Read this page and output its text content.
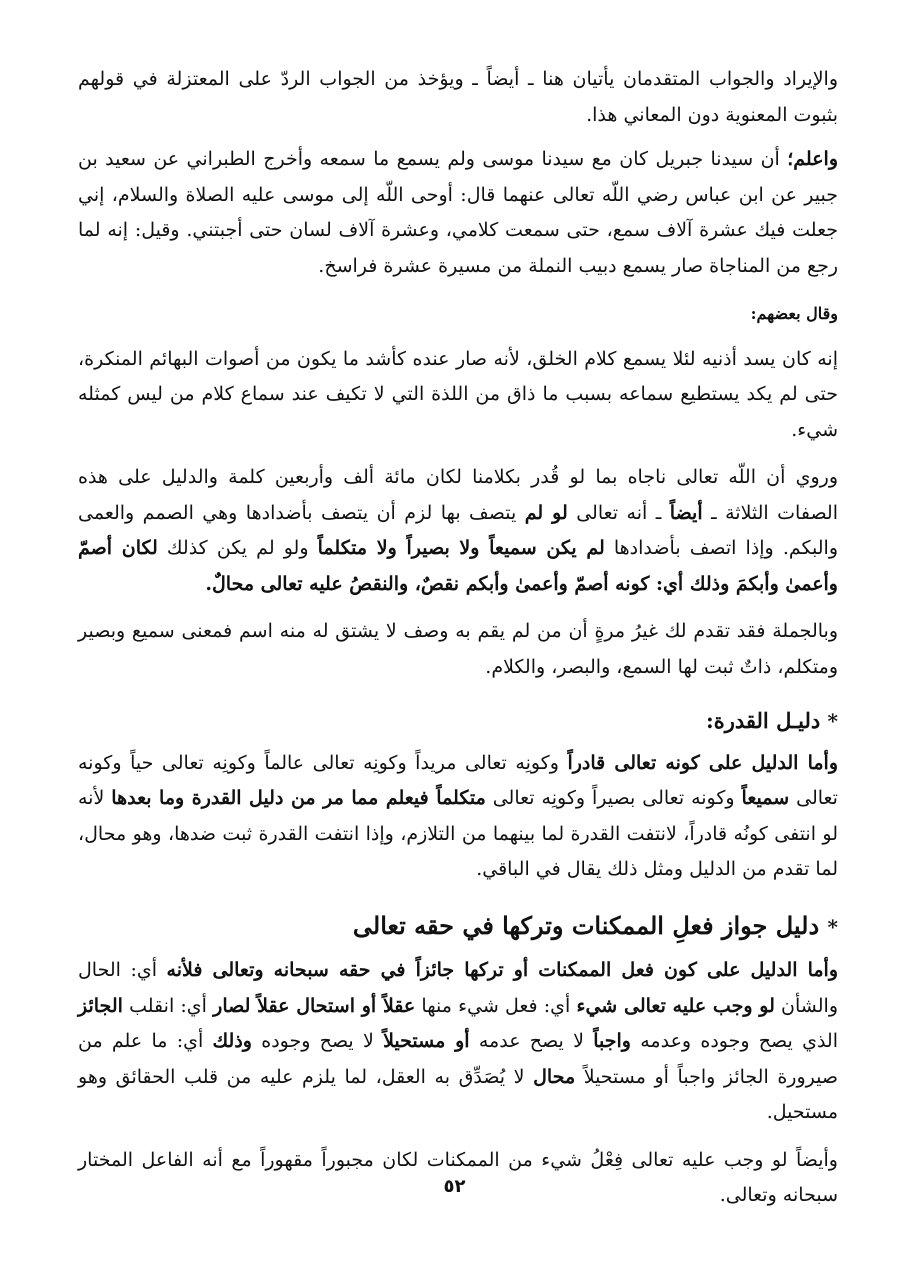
والإيراد والجواب المتقدمان يأتيان هنا ـ أيضاً ـ ويؤخذ من الجواب الردّ على المعتزلة في قولهم بثبوت المعنوية دون المعاني هذا.

واعلم؛ أن سيدنا جبريل كان مع سيدنا موسى ولم يسمع ما سمعه وأخرج الطبراني عن سعيد بن جبير عن ابن عباس رضي اللّه تعالى عنهما قال: أوحى اللّه إلى موسى عليه الصلاة والسلام، إني جعلت فيك عشرة آلاف سمع، حتى سمعت كلامي، وعشرة آلاف لسان حتى أجبتني. وقيل: إنه لما رجع من المناجاة صار يسمع دبيب النملة من مسيرة عشرة فراسخ.

وقال بعضهم:

إنه كان يسد أذنيه لئلا يسمع كلام الخلق، لأنه صار عنده كأشد ما يكون من أصوات البهائم المنكرة، حتى لم يكد يستطيع سماعه بسبب ما ذاق من اللذة التي لا تكيف عند سماع كلام من ليس كمثله شيء.

وروي أن اللّه تعالى ناجاه بما لو قُدر بكلامنا لكان مائة ألف وأربعين كلمة والدليل على هذه الصفات الثلاثة ـ أيضاً ـ أنه تعالى لو لم يتصف بها لزم أن يتصف بأضدادها وهي الصمم والعمى والبكم. وإذا اتصف بأضدادها لم يكن سميعاً ولا بصيراً ولا متكلماً ولو لم يكن كذلك لكان أصمّ وأعمىٰ وأبكمَ وذلك أي: كونه أصمّ وأعمىٰ وأبكم نقصٌ، والنقصُ عليه تعالى محالٌ.

وبالجملة فقد تقدم لك غيرُ مرةٍ أن من لم يقم به وصف لا يشتق له منه اسم فمعنى سميع وبصير ومتكلم، ذاتٌ ثبت لها السمع، والبصر، والكلام.

* دليـل القدرة:

وأما الدليل على كونه تعالى قادراً وكونِه تعالى مريداً وكونِه تعالى عالماً وكونِه تعالى حياً وكونه تعالى سميعاً وكونه تعالى بصيراً وكونِه تعالى متكلماً فيعلم مما مر من دليل القدرة وما بعدها لأنه لو انتفى كونُه قادراً، لانتفت القدرة لما بينهما من التلازم، وإذا انتفت القدرة ثبت ضدها، وهو محال، لما تقدم من الدليل ومثل ذلك يقال في الباقي.

* دليل جواز فعلِ الممكنات وتركها في حقه تعالى

وأما الدليل على كون فعل الممكنات أو تركها جائزاً في حقه سبحانه وتعالى فلأنه أي: الحال والشأن لو وجب عليه تعالى شيء أي: فعل شيء منها عقلاً أو استحال عقلاً لصار أي: انقلب الجائز الذي يصح وجوده وعدمه واجباً لا يصح عدمه أو مستحيلاً لا يصح وجوده وذلك أي: ما علم من صيرورة الجائز واجباً أو مستحيلاً محال لا يُصَدِّق به العقل، لما يلزم عليه من قلب الحقائق وهو مستحيل.

وأيضاً لو وجب عليه تعالى فِعْلُ شيء من الممكنات لكان مجبوراً مقهوراً مع أنه الفاعل المختار سبحانه وتعالى.

٥٢
